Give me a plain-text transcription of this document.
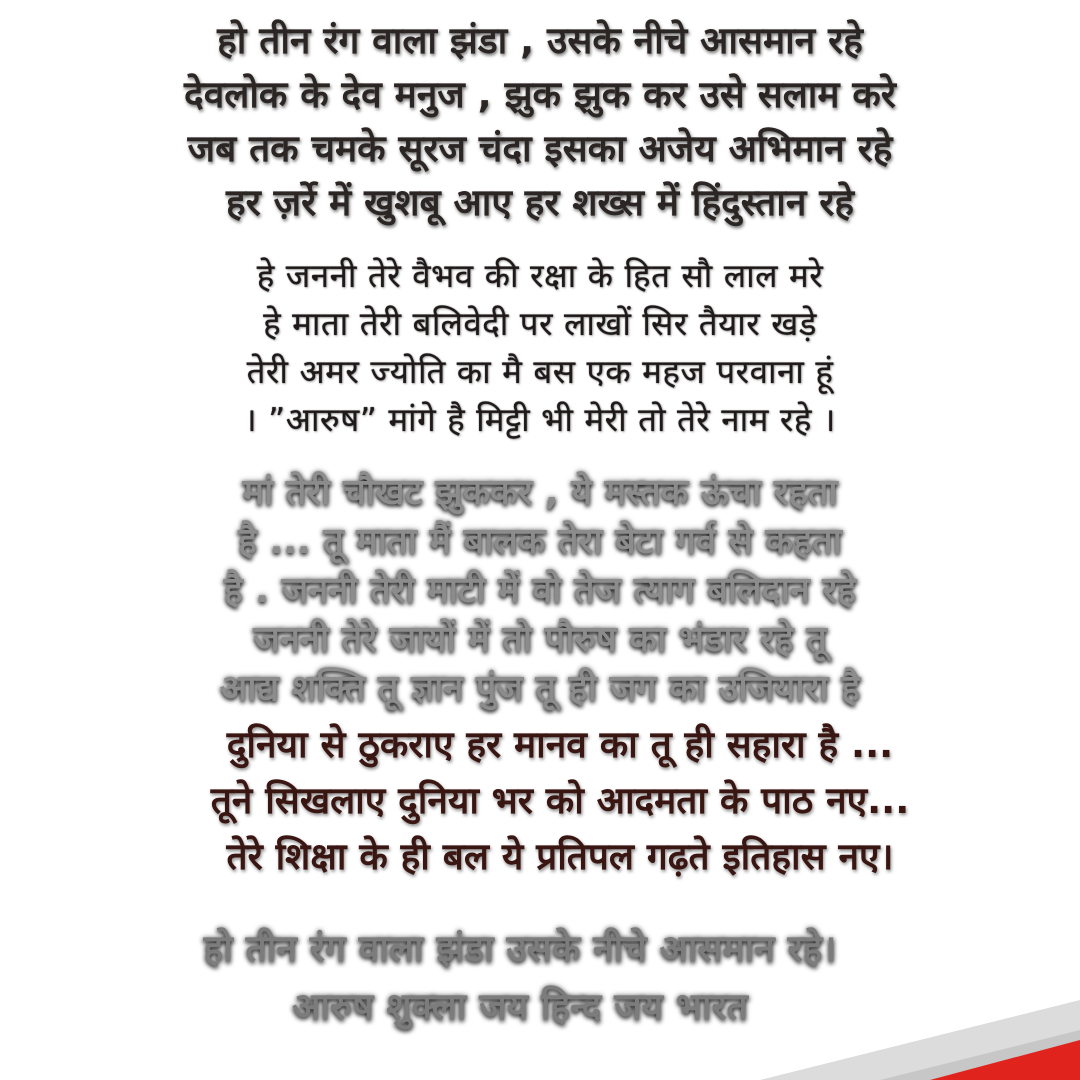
हो तीन रंग वाला झंडा , उसके नीचे आसमान रहे
देवलोक के देव मनुज , झुक झुक कर उसे सलाम करे
जब तक चमके सूरज चंदा इसका अजेय अभिमान रहे
हर ज़र्रे में खुशबू आए हर शख्स में हिंदुस्तान रहे
हे जननी तेरे वैभव की रक्षा के हित सौ लाल मरे
हे माता तेरी बलिवेदी पर लाखों सिर तैयार खड़े
तेरी अमर ज्योति का मै बस एक महज परवाना हूं
। ”आरुष” मांगे है मिट्टी भी मेरी तो तेरे नाम रहे ।
मां तेरी चौखट झुककर , ये मस्तक ऊंचा रहता
है ... तू माता मैं बालक तेरा बेटा गर्व से कहता
है . जननी तेरी माटी में वो तेज त्याग बलिदान रहे
जननी तेरे जायों में तो पौरुष का भंडार रहे तू
आद्य शक्ति तू ज्ञान पुंज तू ही जग का उजियारा है
दुनिया से ठुकराए हर मानव का तू ही सहारा है ...
तूने सिखलाए दुनिया भर को आदमता के पाठ नए...
तेरे शिक्षा के ही बल ये प्रतिपल गढ़ते इतिहास नए।
हो तीन रंग वाला झंडा उसके नीचे आसमान रहे।
आरुष शुक्ला जय हिन्द जय भारत
